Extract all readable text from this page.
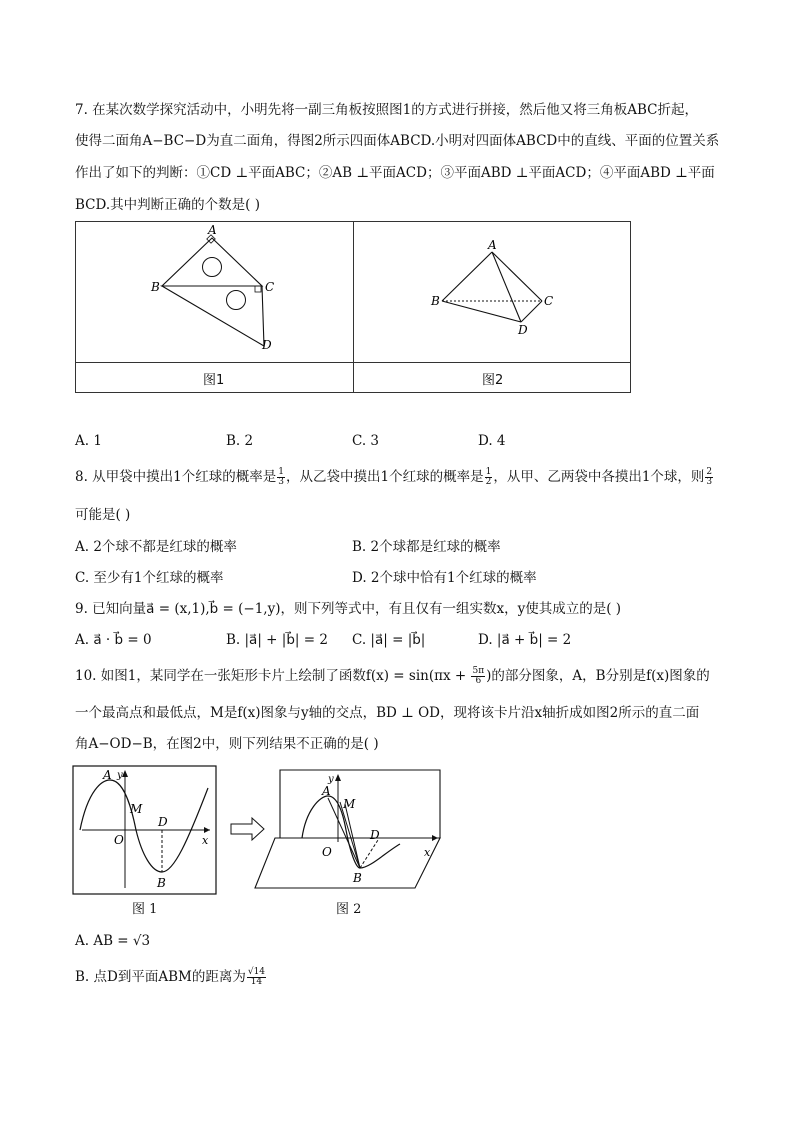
7. 在某次数学探究活动中，小明先将一副三角板按照图1的方式进行拼接，然后他又将三角板ABC折起，
使得二面角A−BC−D为直二面角，得图2所示四面体ABCD.小明对四面体ABCD中的直线、平面的位置关系
作出了如下的判断：①CD ⊥平面ABC；②AB ⊥平面ACD；③平面ABD ⊥平面ACD；④平面ABD ⊥平面
BCD.其中判断正确的个数是( )
A
B	C
D
A
B	C
D
图1	图2
A. 1	B. 2	C. 3	D. 4
8. 从甲袋中摸出1个红球的概率是 $\frac{1}{3}$ ，从乙袋中摸出1个红球的概率是 $\frac{1}{2}$ ，从甲、乙两袋中各摸出1个球，则 $\frac{2}{3}$
可能是( )
A. 2个球不都是红球的概率	B. 2个球都是红球的概率
C. 至少有1个红球的概率	D. 2个球中恰有1个红球的概率
9. 已知向量a⃗ = (x,1),b⃗ = (−1,y)，则下列等式中，有且仅有一组实数x，y使其成立的是( )
A. a⃗ · b⃗ = 0	B. |a⃗| + |b⃗| = 2 C. |a⃗| = |b⃗|	D. |a⃗ + b⃗| = 2
10. 如图1，某同学在一张矩形卡片上绘制了函数$f(x) = \sin(\pi x + \frac{5\pi}{6}$ )的部分图象，A，B分别是f(x)图象的
一个最高点和最低点，M是f(x)图象与y轴的交点，BD ⊥ OD，现将该卡片沿x轴折成如图2所示的直二面
角A−OD−B，在图2中，则下列结果不正确的是( )
A y
M
D
O	x
B
A
y
M
D
O	x
B
图 1	图 2
A. AB = √3
B. 点D到平面ABM的距离为 $\frac{√14}{14}$
